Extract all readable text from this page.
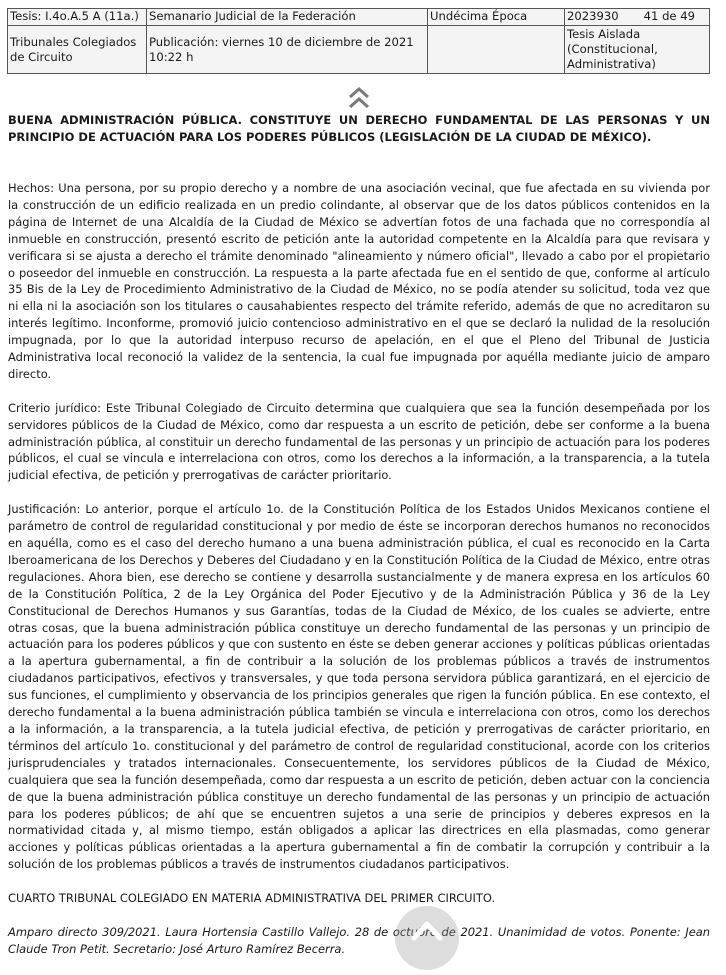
Tesis: I.4o.A.5 A (11a.)	Semanario Judicial de la Federación	Undécima Época	2023930 41 de 49

Tribunales Colegiados de Circuito	Publicación: viernes 10 de diciembre de 2021 10:22 h		Tesis Aislada (Constitucional, Administrativa)
BUENA ADMINISTRACIÓN PÚBLICA. CONSTITUYE UN DERECHO FUNDAMENTAL DE LAS PERSONAS Y UN PRINCIPIO DE ACTUACIÓN PARA LOS PODERES PÚBLICOS (LEGISLACIÓN DE LA CIUDAD DE MÉXICO).

Hechos: Una persona, por su propio derecho y a nombre de una asociación vecinal, que fue afectada en su vivienda por la construcción de un edificio realizada en un predio colindante, al observar que de los datos públicos contenidos en la página de Internet de una Alcaldía de la Ciudad de México se advertían fotos de una fachada que no correspondía al inmueble en construcción, presentó escrito de petición ante la autoridad competente en la Alcaldía para que revisara y verificara si se ajusta a derecho el trámite denominado "alineamiento y número oficial", llevado a cabo por el propietario o poseedor del inmueble en construcción. La respuesta a la parte afectada fue en el sentido de que, conforme al artículo 35 Bis de la Ley de Procedimiento Administrativo de la Ciudad de México, no se podía atender su solicitud, toda vez que ni ella ni la asociación son los titulares o causahabientes respecto del trámite referido, además de que no acreditaron su interés legítimo. Inconforme, promovió juicio contencioso administrativo en el que se declaró la nulidad de la resolución impugnada, por lo que la autoridad interpuso recurso de apelación, en el que el Pleno del Tribunal de Justicia Administrativa local reconoció la validez de la sentencia, la cual fue impugnada por aquélla mediante juicio de amparo directo.

Criterio jurídico: Este Tribunal Colegiado de Circuito determina que cualquiera que sea la función desempeñada por los servidores públicos de la Ciudad de México, como dar respuesta a un escrito de petición, debe ser conforme a la buena administración pública, al constituir un derecho fundamental de las personas y un principio de actuación para los poderes públicos, el cual se vincula e interrelaciona con otros, como los derechos a la información, a la transparencia, a la tutela judicial efectiva, de petición y prerrogativas de carácter prioritario.

Justificación: Lo anterior, porque el artículo 1o. de la Constitución Política de los Estados Unidos Mexicanos contiene el parámetro de control de regularidad constitucional y por medio de éste se incorporan derechos humanos no reconocidos en aquélla, como es el caso del derecho humano a una buena administración pública, el cual es reconocido en la Carta Iberoamericana de los Derechos y Deberes del Ciudadano y en la Constitución Política de la Ciudad de México, entre otras regulaciones. Ahora bien, ese derecho se contiene y desarrolla sustancialmente y de manera expresa en los artículos 60 de la Constitución Política, 2 de la Ley Orgánica del Poder Ejecutivo y de la Administración Pública y 36 de la Ley Constitucional de Derechos Humanos y sus Garantías, todas de la Ciudad de México, de los cuales se advierte, entre otras cosas, que la buena administración pública constituye un derecho fundamental de las personas y un principio de actuación para los poderes públicos y que con sustento en éste se deben generar acciones y políticas públicas orientadas a la apertura gubernamental, a fin de contribuir a la solución de los problemas públicos a través de instrumentos ciudadanos participativos, efectivos y transversales, y que toda persona servidora pública garantizará, en el ejercicio de sus funciones, el cumplimiento y observancia de los principios generales que rigen la función pública. En ese contexto, el derecho fundamental a la buena administración pública también se vincula e interrelaciona con otros, como los derechos a la información, a la transparencia, a la tutela judicial efectiva, de petición y prerrogativas de carácter prioritario, en términos del artículo 1o. constitucional y del parámetro de control de regularidad constitucional, acorde con los criterios jurisprudenciales y tratados internacionales. Consecuentemente, los servidores públicos de la Ciudad de México, cualquiera que sea la función desempeñada, como dar respuesta a un escrito de petición, deben actuar con la conciencia de que la buena administración pública constituye un derecho fundamental de las personas y un principio de actuación para los poderes públicos; de ahí que se encuentren sujetos a una serie de principios y deberes expresos en la normatividad citada y, al mismo tiempo, están obligados a aplicar las directrices en ella plasmadas, como generar acciones y políticas públicas orientadas a la apertura gubernamental a fin de combatir la corrupción y contribuir a la solución de los problemas públicos a través de instrumentos ciudadanos participativos.

CUARTO TRIBUNAL COLEGIADO EN MATERIA ADMINISTRATIVA DEL PRIMER CIRCUITO.

Amparo directo 309/2021. Laura Hortensia Castillo Vallejo. 28 de octubre de 2021. Unanimidad de votos. Ponente: Jean Claude Tron Petit. Secretario: José Arturo Ramírez Becerra.
